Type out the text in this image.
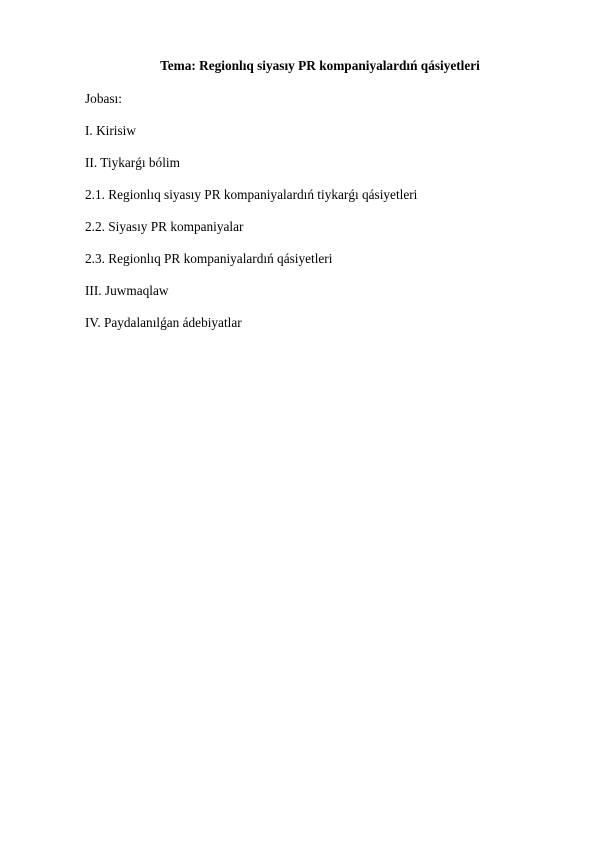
Tema: Regionlıq siyasıy PR kompaniyalardıń qásiyetleri
Jobası:
I. Kirisiw
II. Tiykarǵı bólim
2.1. Regionlıq siyasıy PR kompaniyalardıń tiykarǵı qásiyetleri
2.2. Siyasıy PR kompaniyalar
2.3. Regionlıq PR kompaniyalardıń qásiyetleri
III. Juwmaqlaw
IV. Paydalanılǵan ádebiyatlar
